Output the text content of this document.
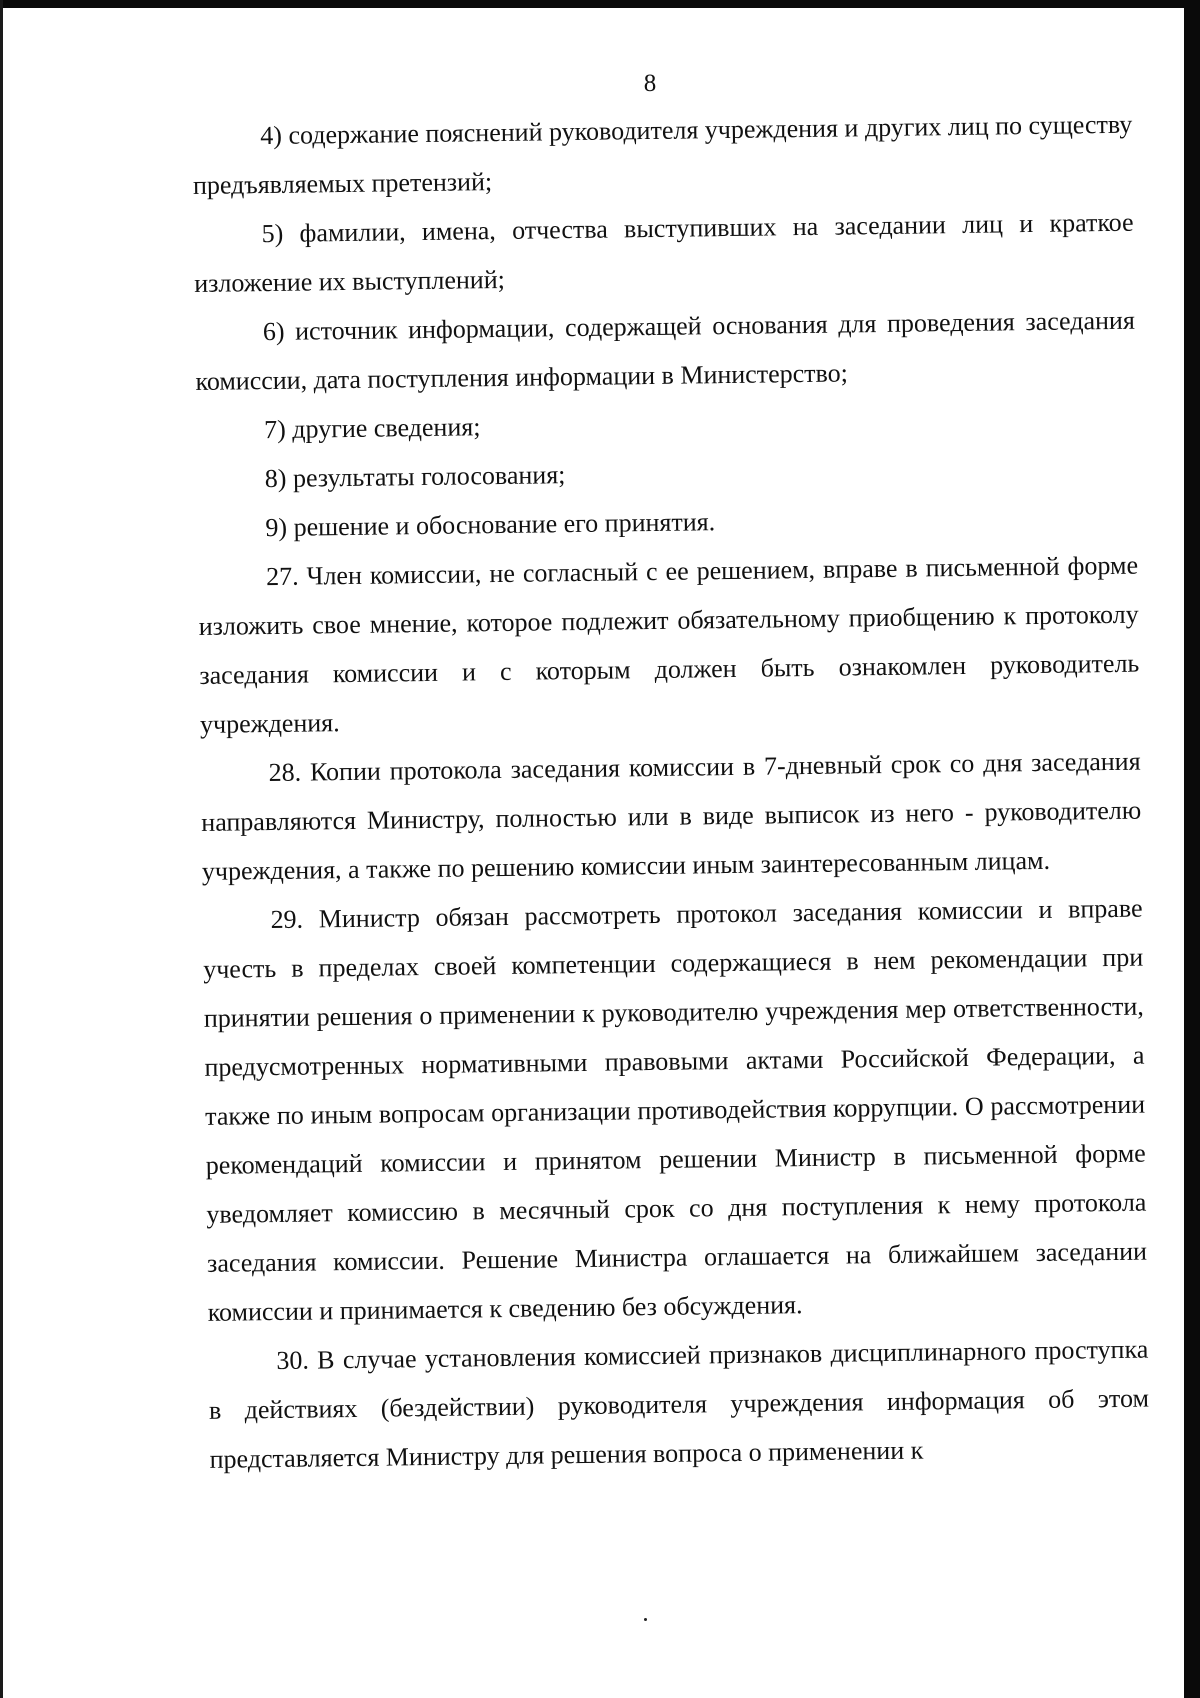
8

4) содержание пояснений руководителя учреждения и других лиц по существу предъявляемых претензий;

5) фамилии, имена, отчества выступивших на заседании лиц и краткое изложение их выступлений;

6) источник информации, содержащей основания для проведения заседания комиссии, дата поступления информации в Министерство;

7) другие сведения;

8) результаты голосования;

9) решение и обоснование его принятия.

27. Член комиссии, не согласный с ее решением, вправе в письменной форме изложить свое мнение, которое подлежит обязательному приобщению к протоколу заседания комиссии и с которым должен быть ознакомлен руководитель учреждения.

28. Копии протокола заседания комиссии в 7-дневный срок со дня заседания направляются Министру, полностью или в виде выписок из него - руководителю учреждения, а также по решению комиссии иным заинтересованным лицам.

29. Министр обязан рассмотреть протокол заседания комиссии и вправе учесть в пределах своей компетенции содержащиеся в нем рекомендации при принятии решения о применении к руководителю учреждения мер ответственности, предусмотренных нормативными правовыми актами Российской Федерации, а также по иным вопросам организации противодействия коррупции. О рассмотрении рекомендаций комиссии и принятом решении Министр в письменной форме уведомляет комиссию в месячный срок со дня поступления к нему протокола заседания комиссии. Решение Министра оглашается на ближайшем заседании комиссии и принимается к сведению без обсуждения.

30. В случае установления комиссией признаков дисциплинарного проступка в действиях (бездействии) руководителя учреждения информация об этом представляется Министру для решения вопроса о применении к
